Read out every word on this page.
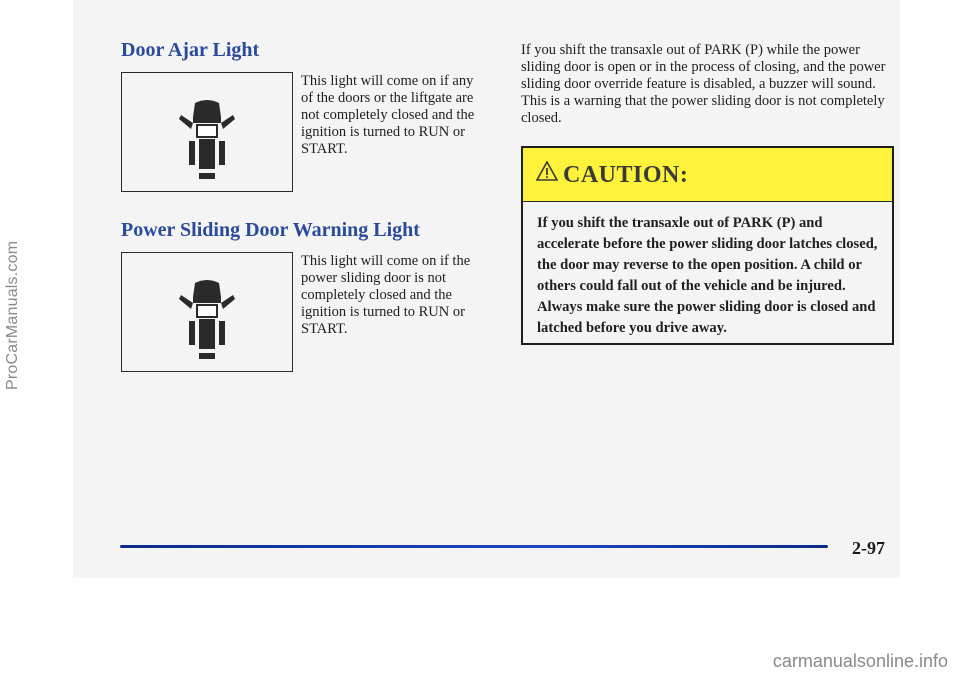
ProCarManuals.com
Door Ajar Light

This light will come on if any of the doors or the liftgate are not completely closed and the ignition is turned to RUN or START.

Power Sliding Door Warning Light

This light will come on if the power sliding door is not completely closed and the ignition is turned to RUN or START.

If you shift the transaxle out of PARK (P) while the power sliding door is open or in the process of closing, and the power sliding door override feature is disabled, a buzzer will sound. This is a warning that the power sliding door is not completely closed.

CAUTION:

If you shift the transaxle out of PARK (P) and accelerate before the power sliding door latches closed, the door may reverse to the open position. A child or others could fall out of the vehicle and be injured. Always make sure the power sliding door is closed and latched before you drive away.

2-97
carmanualsonline.info
